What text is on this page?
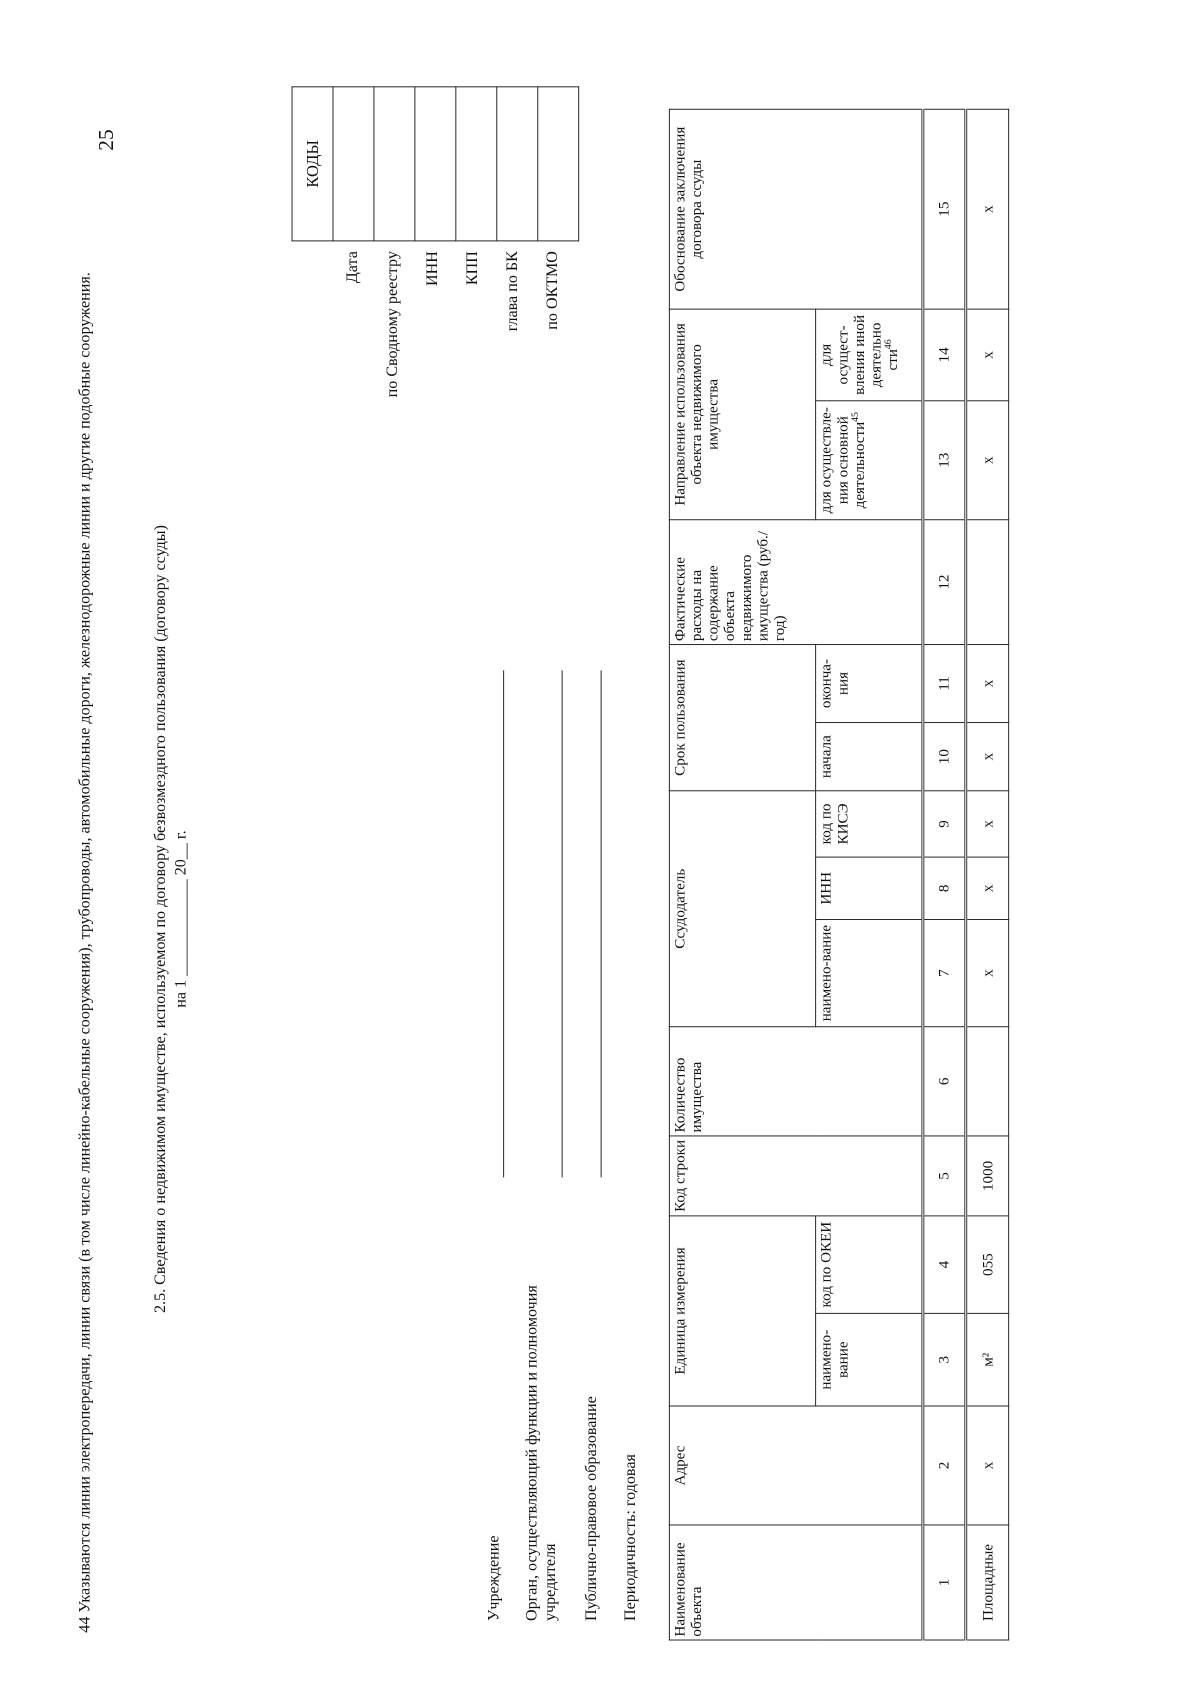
44 Указываются линии электропередачи, линии связи (в том числе линейно-кабельные сооружения), трубопроводы, автомобильные дороги, железнодорожные линии и другие подобные сооружения.
25
2.5. Сведения о недвижимом имуществе, используемом по договору безвозмездного пользования (договору ссуды) на 1 ____________ 20__ г.
Учреждение Орган, осуществляющий функции и полномочия учредителя Публично-правовое образование Периодичность: годовая
Дата	по Сводному реестру	ИНН	КПП	глава по БК	по ОКТМО
КОДЫ

Наименование объекта	Адрес	Единица измерения		Код строки	Количество имущества	Ссудодатель			Срок пользования		Фактические расходы на содержание объекта недвижимого имущества (руб./год)	Направление использования объекта недвижимого имущества		Обоснование заключения договора ссуды
		наимено-вание	код по ОКЕИ			наимено-вание	ИНН	код по КИСЭ	начала	оконча-ния		для осуществле-ния основной деятельности$^{45}$	для осущест-вления иной деятельно сти$^{46}$
1	2	3	4	5	6	7	8	9	10	11	12	13	14	15
Площадные	x	м²	055	1000		x	x	x	x	x		x	x	x
